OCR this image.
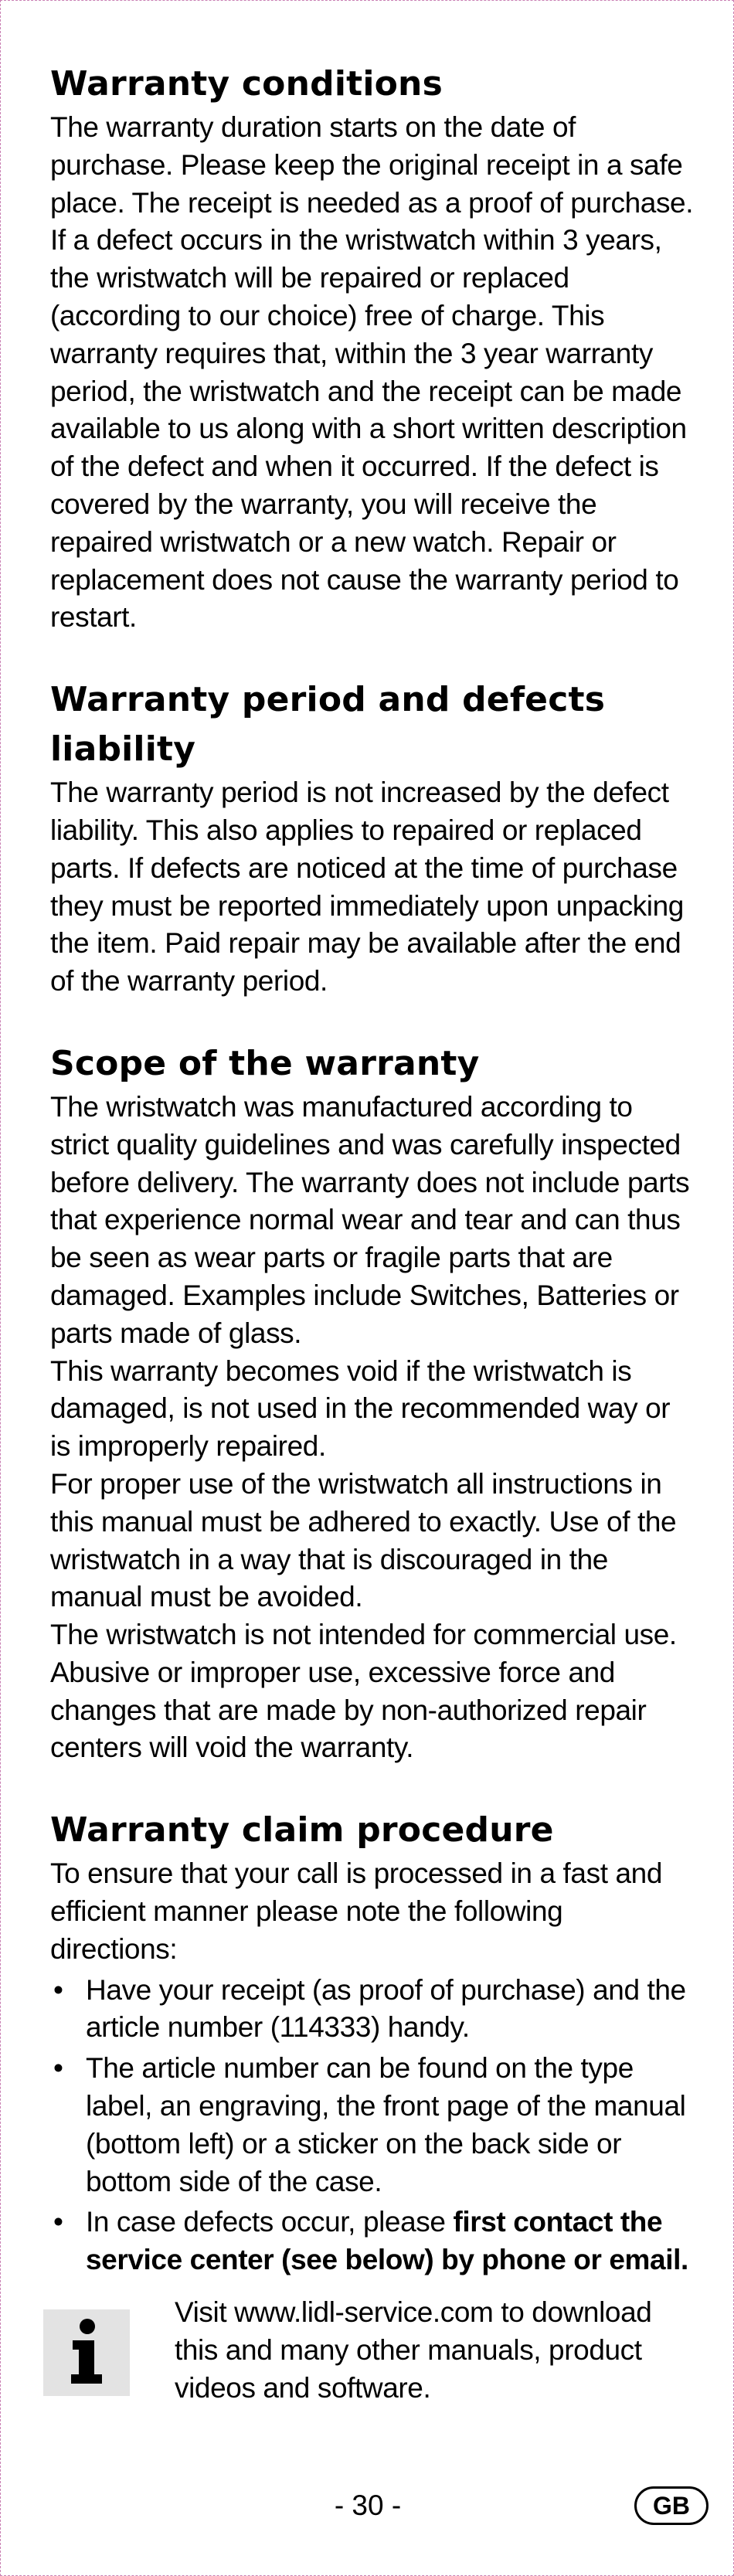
Warranty conditions

The warranty duration starts on the date of purchase. Please keep the original receipt in a safe place. The receipt is needed as a proof of purchase. If a defect occurs in the wristwatch within 3 years, the wristwatch will be repaired or replaced (according to our choice) free of charge. This warranty requires that, within the 3 year warranty period, the wristwatch and the receipt can be made available to us along with a short written description of the defect and when it occurred. If the defect is covered by the warranty, you will receive the repaired wristwatch or a new watch. Repair or replacement does not cause the warranty period to restart.

Warranty period and defects liability

The warranty period is not increased by the defect liability. This also applies to repaired or replaced parts. If defects are noticed at the time of purchase they must be reported immediately upon unpacking the item. Paid repair may be available after the end of the warranty period.

Scope of the warranty

The wristwatch was manufactured according to strict quality guidelines and was carefully inspected before delivery. The warranty does not include parts that experience normal wear and tear and can thus be seen as wear parts or fragile parts that are damaged. Examples include Switches, Batteries or parts made of glass.

This warranty becomes void if the wristwatch is damaged, is not used in the recommended way or is improperly repaired.

For proper use of the wristwatch all instructions in this manual must be adhered to exactly. Use of the wristwatch in a way that is discouraged in the manual must be avoided.

The wristwatch is not intended for commercial use. Abusive or improper use, excessive force and changes that are made by non-authorized repair centers will void the warranty.

Warranty claim procedure

To ensure that your call is processed in a fast and efficient manner please note the following directions:

• Have your receipt (as proof of purchase) and the article number (114333) handy.
• The article number can be found on the type label, an engraving, the front page of the manual (bottom left) or a sticker on the back side or bottom side of the case.
• In case defects occur, please first contact the service center (see below) by phone or email.

Visit www.lidl-service.com to download this and many other manuals, product videos and software.

- 30 -	GB
